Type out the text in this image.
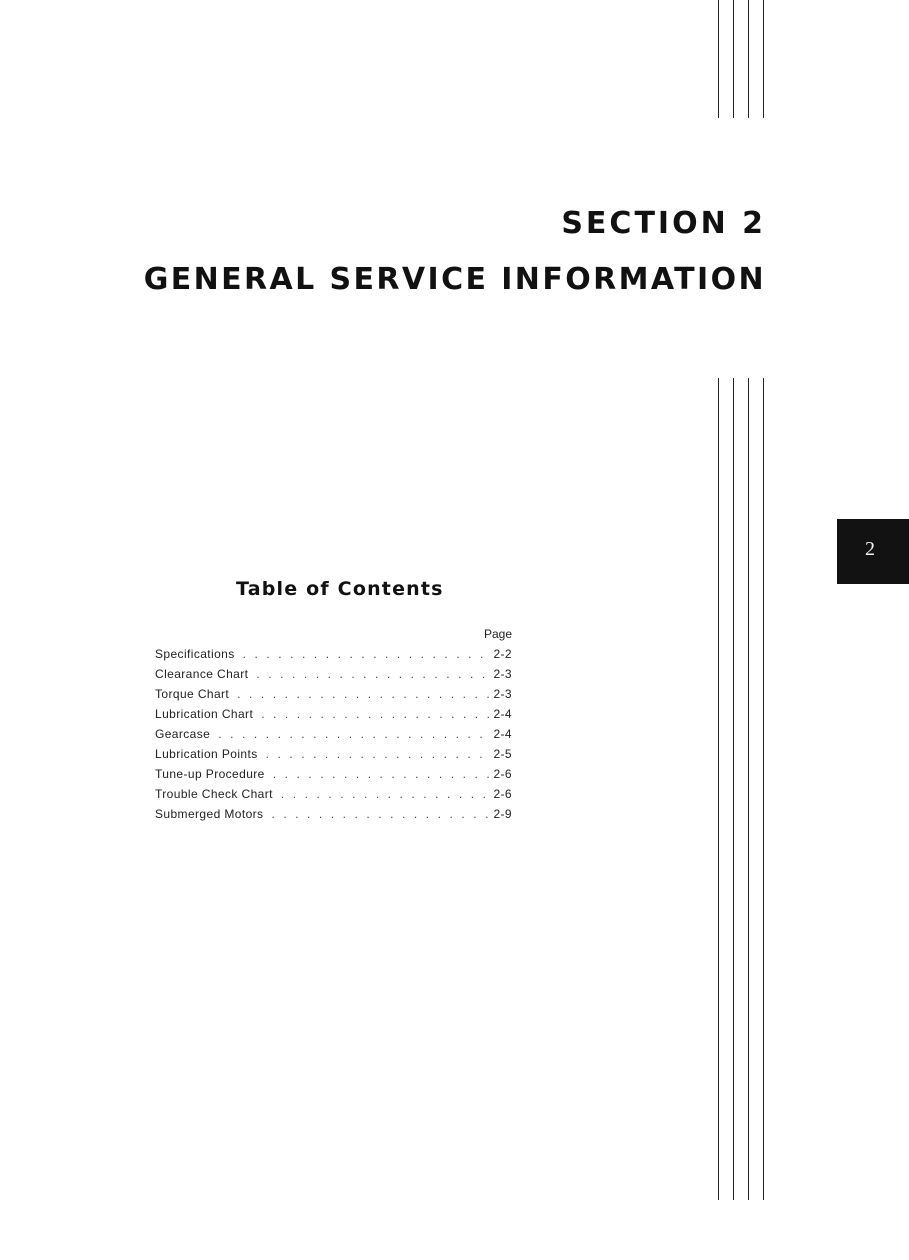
SECTION 2
GENERAL SERVICE INFORMATION
2
Table of Contents
Page
Specifications . . .	2-2
Clearance Chart . . .	2-3
Torque Chart . . .	2-3
Lubrication Chart . . .	2-4
Gearcase . . .	2-4
Lubrication Points . . .	2-5
Tune-up Procedure . . .	2-6
Trouble Check Chart . . .	2-6
Submerged Motors . . .	2-9
